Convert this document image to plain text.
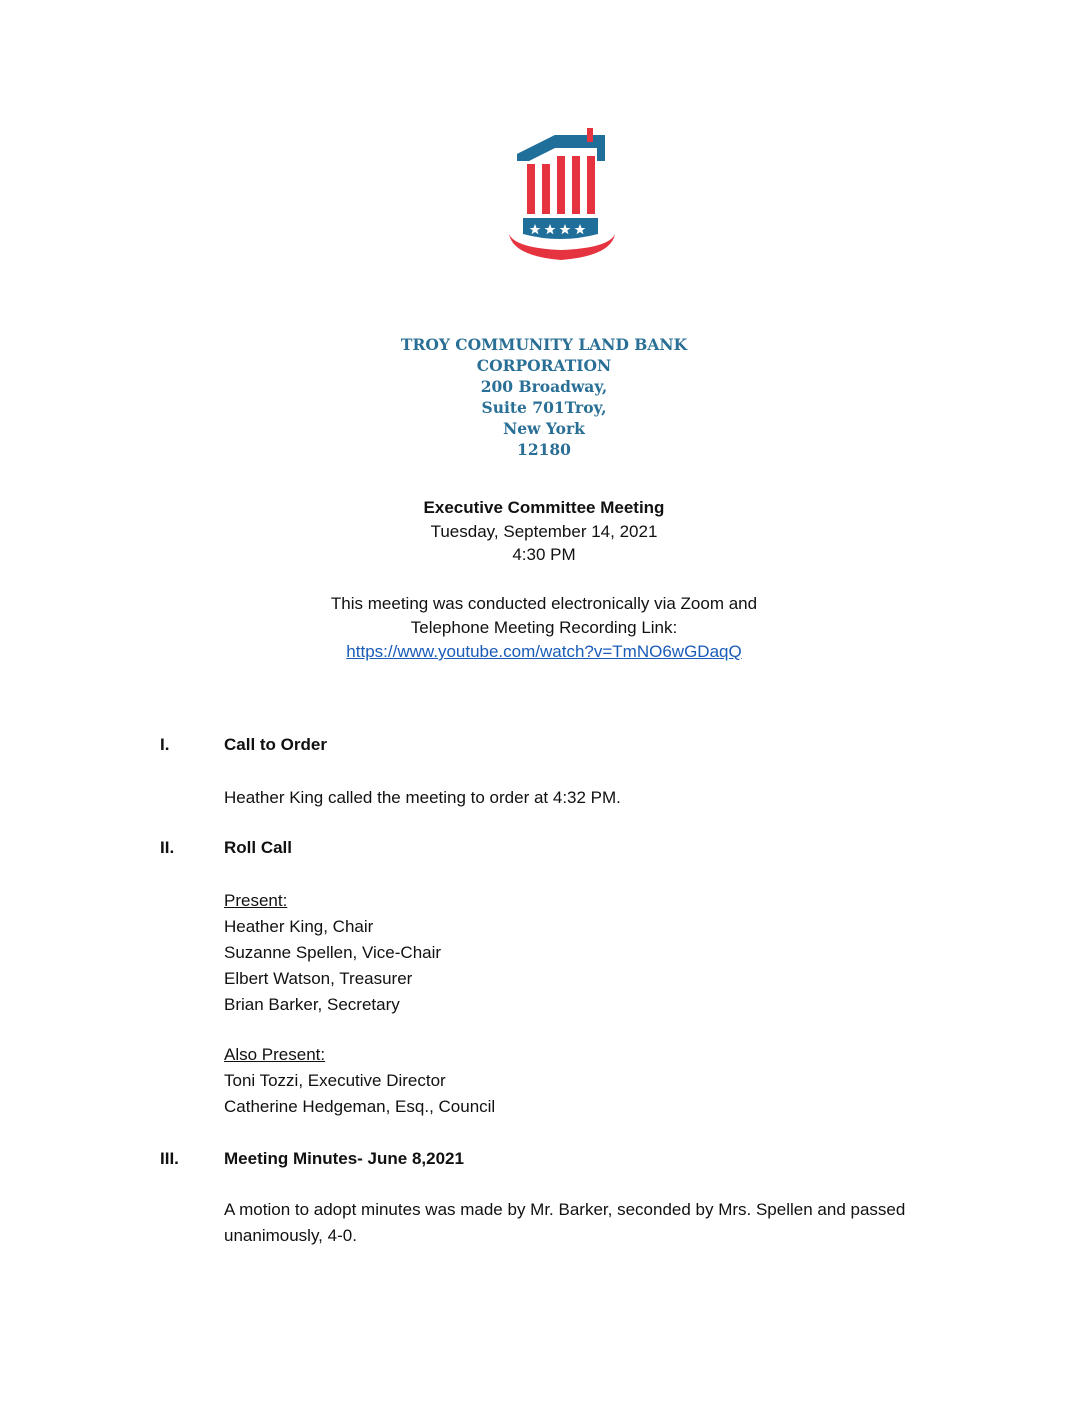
TROY COMMUNITY LAND BANK
CORPORATION
200 Broadway,
Suite 701Troy,
New York
12180
Executive Committee Meeting
Tuesday, September 14, 2021
4:30 PM
This meeting was conducted electronically via Zoom and
Telephone Meeting Recording Link:
https://www.youtube.com/watch?v=TmNO6wGDaqQ
I.	Call to Order
Heather King called the meeting to order at 4:32 PM.
II.	Roll Call
Present:
Heather King, Chair
Suzanne Spellen, Vice-Chair
Elbert Watson, Treasurer
Brian Barker, Secretary
Also Present:
Toni Tozzi, Executive Director
Catherine Hedgeman, Esq., Council
III.	Meeting Minutes- June 8,2021
A motion to adopt minutes was made by Mr. Barker, seconded by Mrs. Spellen and passed
unanimously, 4-0.
